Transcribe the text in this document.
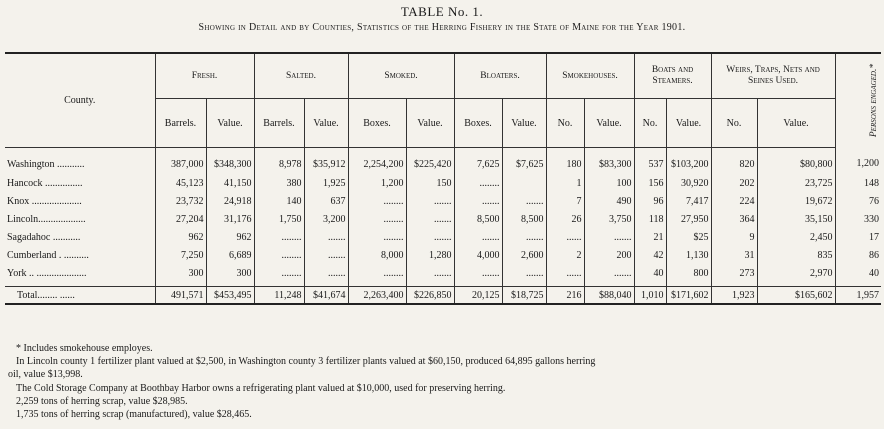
TABLE No. 1.
Showing in Detail and by Counties, Statistics of the Herring Fishery in the State of Maine for the Year 1901.
County.	Fresh.		Salted.		Smoked.		Bloaters.		Smokehouses.		Boats and Steamers.		Weirs, Traps, Nets and Seines Used.		Persons engaged.*
	Barrels.	Value.	Barrels.	Value.	Boxes.	Value.	Boxes.	Value.	No.	Value.	No.	Value.	No.	Value.	
Washington ...........	387,000	$348,300	8,978	$35,912	2,254,200	$225,420	7,625	$7,625	180	$83,300	537	$103,200	820	$80,800	1,200
Hancock ...............	45,123	41,150	380	1,925	1,200	150	........		1	100	156	30,920	202	23,725	148
Knox ....................	23,732	24,918	140	637	........	.......	.......	.......	7	490	96	7,417	224	19,672	76
Lincoln...................	27,204	31,176	1,750	3,200	........	.......	8,500	8,500	26	3,750	118	27,950	364	35,150	330
Sagadahoc ...........	962	962	........	.......	........	.......	.......	.......	......	.......	21	$25	9	2,450	17
Cumberland . ..........	7,250	6,689	........	.......	8,000	1,280	4,000	2,600	2	200	42	1,130	31	835	86
York .. ....................	300	300	........	.......	........	.......	.......	.......	......	.......	40	800	273	2,970	40
Total........ ......	491,571	$453,495	11,248	$41,674	2,263,400	$226,850	20,125	$18,725	216	$88,040	1,010	$171,602	1,923	$165,602	1,957
* Includes smokehouse employes.
In Lincoln county 1 fertilizer plant valued at $2,500, in Washington county 3 fertilizer plants valued at $60,150, produced 64,895 gallons herring
oil, value $13,998.
The Cold Storage Company at Boothbay Harbor owns a refrigerating plant valued at $10,000, used for preserving herring.
2,259 tons of herring scrap, value $28,985.
1,735 tons of herring scrap (manufactured), value $28,465.
